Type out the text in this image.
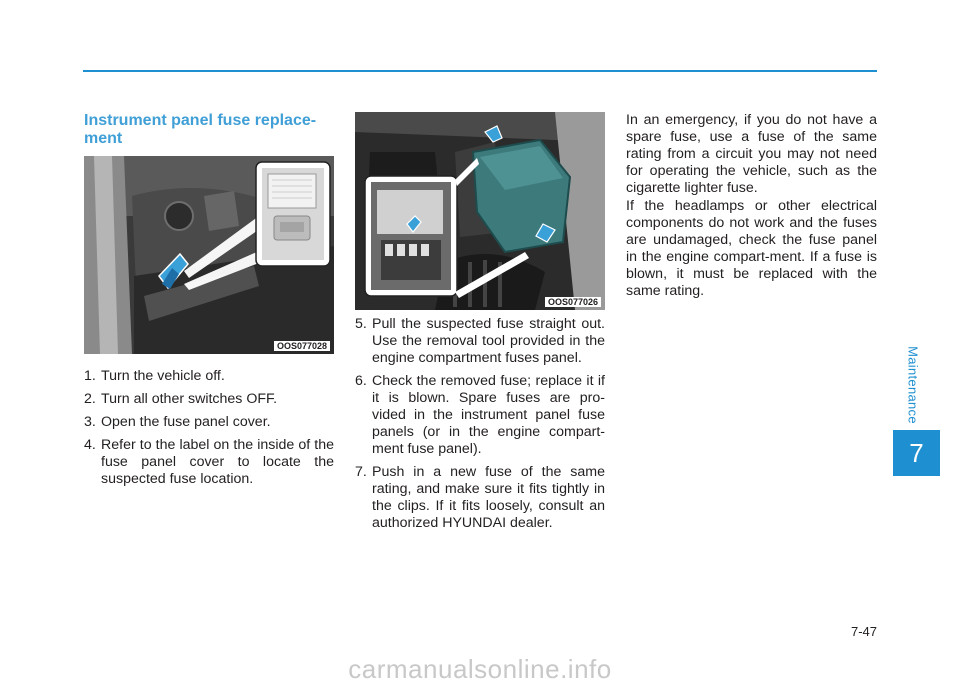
Maintenance
7
Instrument panel fuse replace-ment
OOS077028
OOS077026
1. Turn the vehicle off.
2. Turn all other switches OFF.
3. Open the fuse panel cover.
4. Refer to the label on the inside of the fuse panel cover to locate the suspected fuse location.
5. Pull the suspected fuse straight out. Use the removal tool provided in the engine compartment fuses panel.
6. Check the removed fuse; replace it if it is blown. Spare fuses are pro-vided in the instrument panel fuse panels (or in the engine compart-ment fuse panel).
7. Push in a new fuse of the same rating, and make sure it fits tightly in the clips. If it fits loosely, consult an authorized HYUNDAI dealer.

In an emergency, if you do not have a spare fuse, use a fuse of the same rating from a circuit you may not need for operating the vehicle, such as the cigarette lighter fuse.

If the headlamps or other electrical components do not work and the fuses are undamaged, check the fuse panel in the engine compart-ment. If a fuse is blown, it must be replaced with the same rating.

7-47
carmanualsonline.info
